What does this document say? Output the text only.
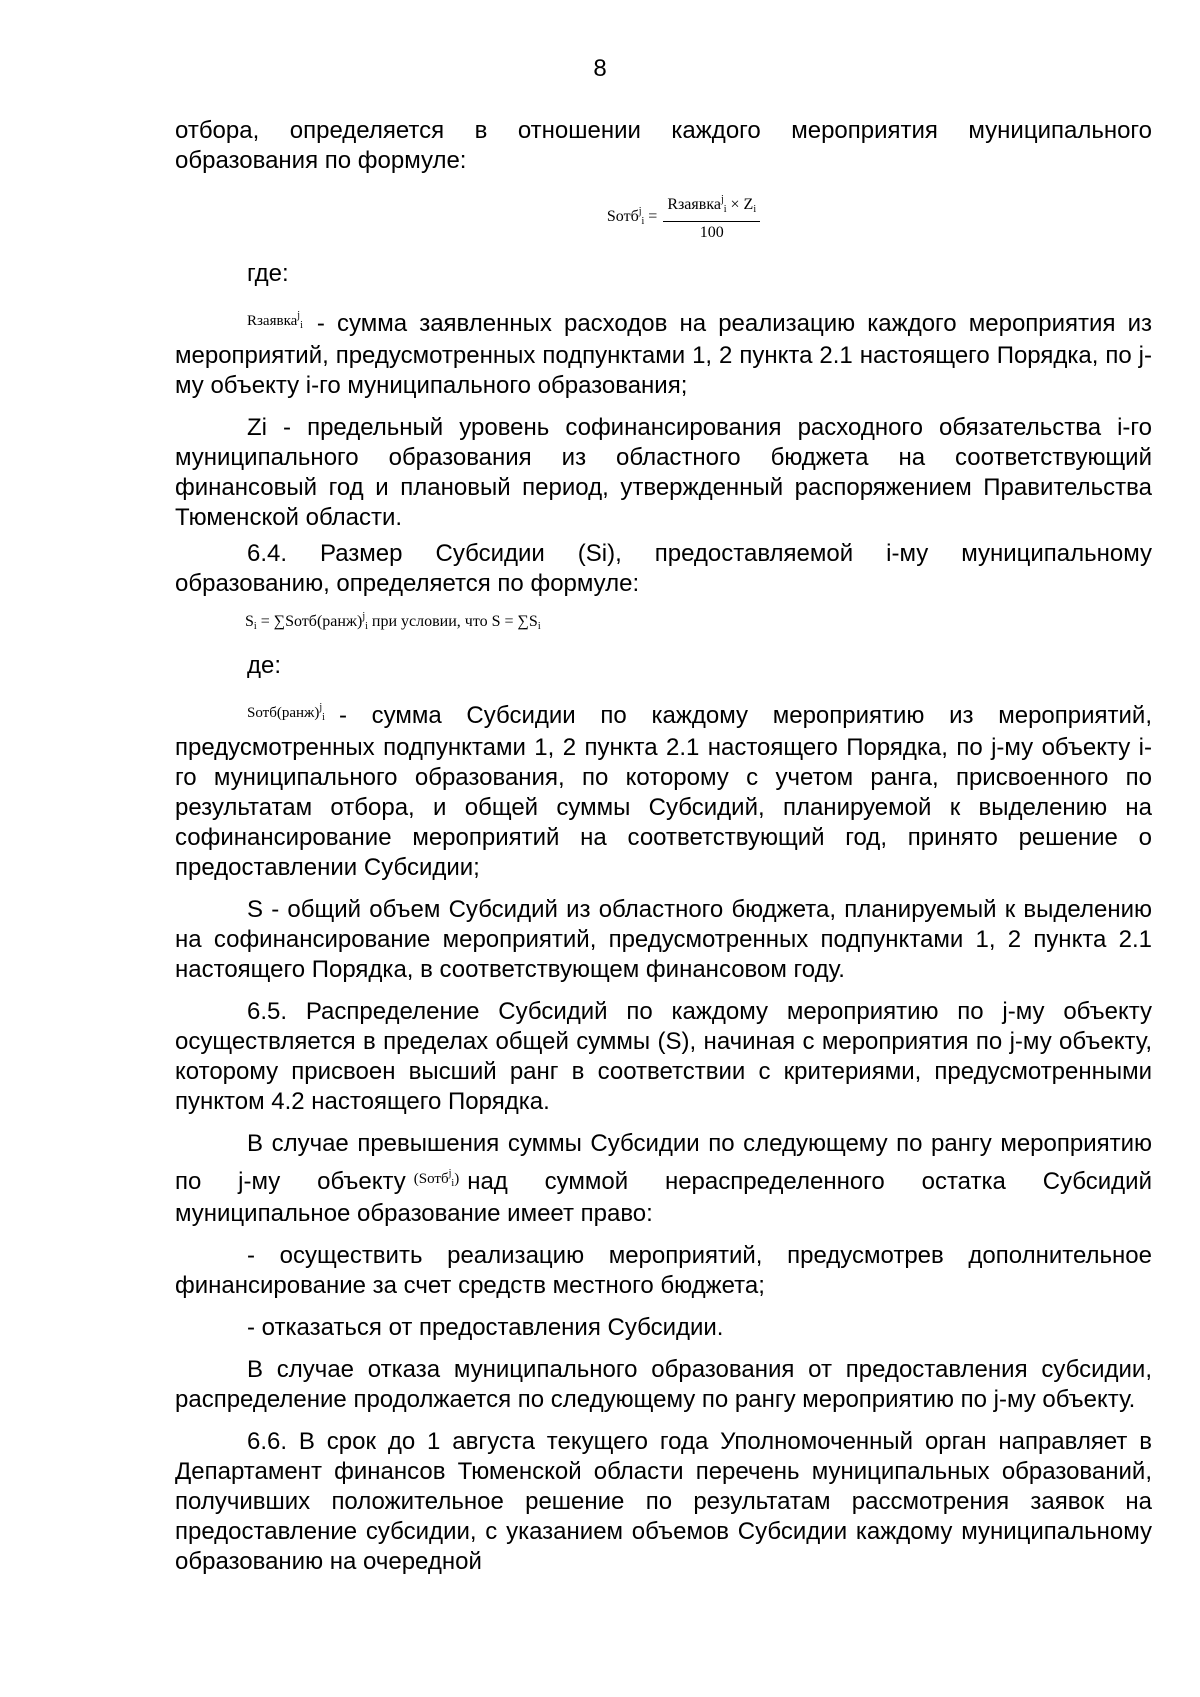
8

отбора, определяется в отношении каждого мероприятия муниципального образования по формуле:

Sотб$^j_i$ = $\frac{Rзаявка^j_i \times Z_i}{100}$

где:

$^{Rзаявка^j_i}$ - сумма заявленных расходов на реализацию каждого мероприятия из мероприятий, предусмотренных подпунктами 1, 2 пункта 2.1 настоящего Порядка, по j-му объекту i-го муниципального образования;

Zi - предельный уровень софинансирования расходного обязательства i-го муниципального образования из областного бюджета на соответствующий финансовый год и плановый период, утвержденный распоряжением Правительства Тюменской области.

6.4. Размер Субсидии (Si), предоставляемой i-му муниципальному образованию, определяется по формуле:

$S_i$ = ∑Sотб(ранж)$^j_i$ при условии, что $S = \sum S_i$

де:

$^{Sотб(ранж)^j_i}$ - сумма Субсидии по каждому мероприятию из мероприятий, предусмотренных подпунктами 1, 2 пункта 2.1 настоящего Порядка, по j-му объекту i-го муниципального образования, по которому с учетом ранга, присвоенного по результатам отбора, и общей суммы Субсидий, планируемой к выделению на софинансирование мероприятий на соответствующий год, принято решение о предоставлении Субсидии;

S - общий объем Субсидий из областного бюджета, планируемый к выделению на софинансирование мероприятий, предусмотренных подпунктами 1, 2 пункта 2.1 настоящего Порядка, в соответствующем финансовом году.

6.5. Распределение Субсидий по каждому мероприятию по j-му объекту осуществляется в пределах общей суммы (S), начиная с мероприятия по j-му объекту, которому присвоен высший ранг в соответствии с критериями, предусмотренными пунктом 4.2 настоящего Порядка.

В случае превышения суммы Субсидии по следующему по рангу мероприятию по j-му объекту $^{(Sотб^j_i)}$ над суммой нераспределенного остатка Субсидий муниципальное образование имеет право:

- осуществить реализацию мероприятий, предусмотрев дополнительное финансирование за счет средств местного бюджета;

- отказаться от предоставления Субсидии.

В случае отказа муниципального образования от предоставления субсидии, распределение продолжается по следующему по рангу мероприятию по j-му объекту.

6.6. В срок до 1 августа текущего года Уполномоченный орган направляет в Департамент финансов Тюменской области перечень муниципальных образований, получивших положительное решение по результатам рассмотрения заявок на предоставление субсидии, с указанием объемов Субсидии каждому муниципальному образованию на очередной
